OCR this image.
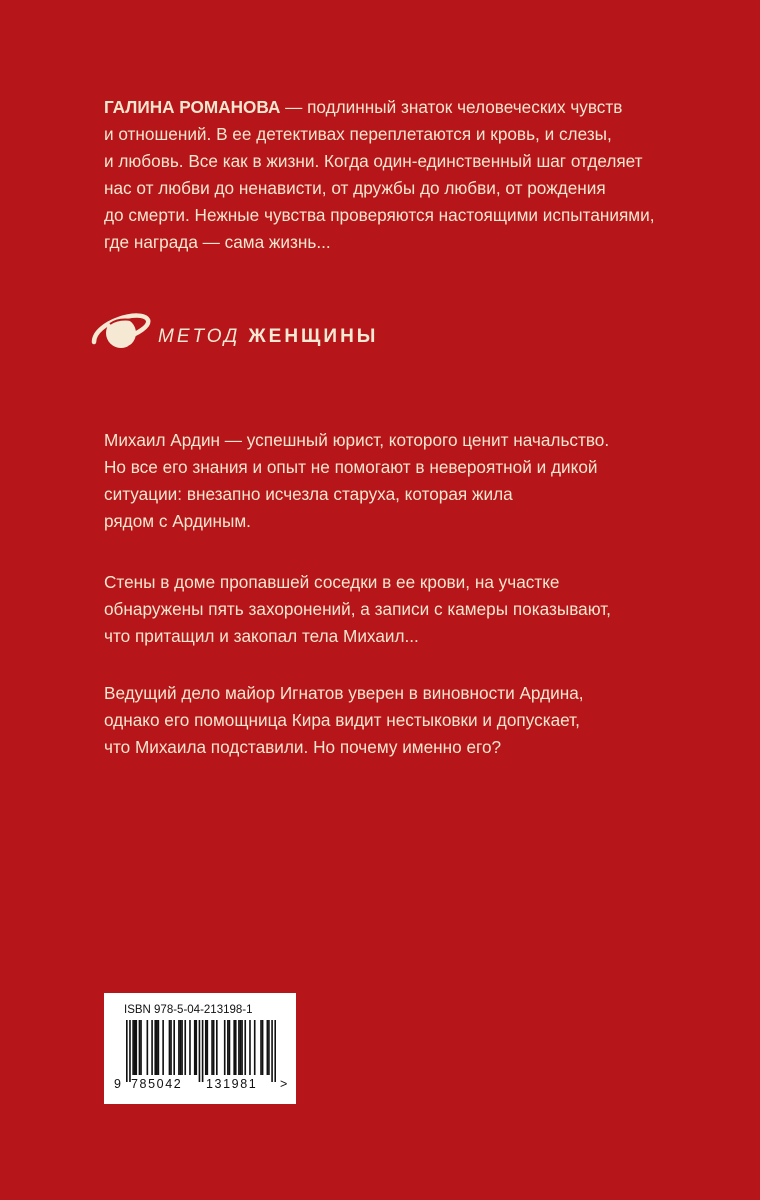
ГАЛИНА РОМАНОВА — подлинный знаток человеческих чувств
и отношений. В ее детективах переплетаются и кровь, и слезы,
и любовь. Все как в жизни. Когда один-единственный шаг отделяет
нас от любви до ненависти, от дружбы до любви, от рождения
до смерти. Нежные чувства проверяются настоящими испытаниями,
где награда — сама жизнь...
МЕТОД ЖЕНЩИНЫ
Михаил Ардин — успешный юрист, которого ценит начальство.
Но все его знания и опыт не помогают в невероятной и дикой
ситуации: внезапно исчезла старуха, которая жила
рядом с Ардиным.
Стены в доме пропавшей соседки в ее крови, на участке
обнаружены пять захоронений, а записи с камеры показывают,
что притащил и закопал тела Михаил...
Ведущий дело майор Игнатов уверен в виновности Ардина,
однако его помощница Кира видит нестыковки и допускает,
что Михаила подставили. Но почему именно его?
ISBN 978-5-04-213198-1
9 785042 131981 >
